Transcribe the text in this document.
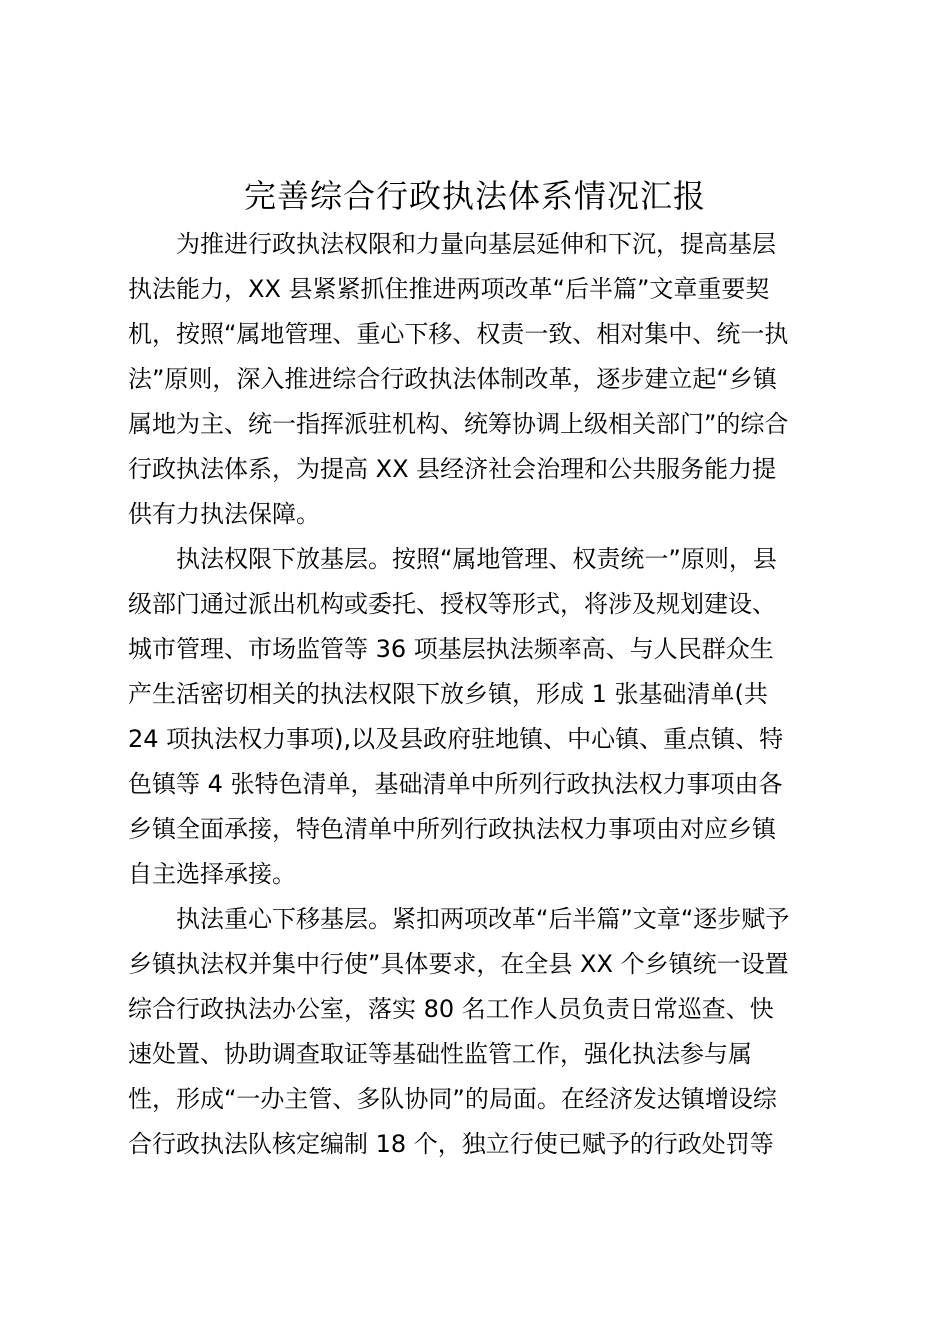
完善综合行政执法体系情况汇报

为推进行政执法权限和力量向基层延伸和下沉，提高基层
执法能力，XX 县紧紧抓住推进两项改革“后半篇”文章重要契
机，按照“属地管理、重心下移、权责一致、相对集中、统一执
法”原则，深入推进综合行政执法体制改革，逐步建立起“乡镇
属地为主、统一指挥派驻机构、统筹协调上级相关部门”的综合
行政执法体系，为提高 XX 县经济社会治理和公共服务能力提
供有力执法保障。

执法权限下放基层。按照“属地管理、权责统一”原则，县
级部门通过派出机构或委托、授权等形式，将涉及规划建设、
城市管理、市场监管等 36 项基层执法频率高、与人民群众生
产生活密切相关的执法权限下放乡镇，形成 1 张基础清单(共
24 项执法权力事项),以及县政府驻地镇、中心镇、重点镇、特
色镇等 4 张特色清单，基础清单中所列行政执法权力事项由各
乡镇全面承接，特色清单中所列行政执法权力事项由对应乡镇
自主选择承接。

执法重心下移基层。紧扣两项改革“后半篇”文章“逐步赋予
乡镇执法权并集中行使”具体要求，在全县 XX 个乡镇统一设置
综合行政执法办公室，落实 80 名工作人员负责日常巡查、快
速处置、协助调查取证等基础性监管工作，强化执法参与属
性，形成“一办主管、多队协同”的局面。在经济发达镇增设综
合行政执法队核定编制 18 个，独立行使已赋予的行政处罚等
